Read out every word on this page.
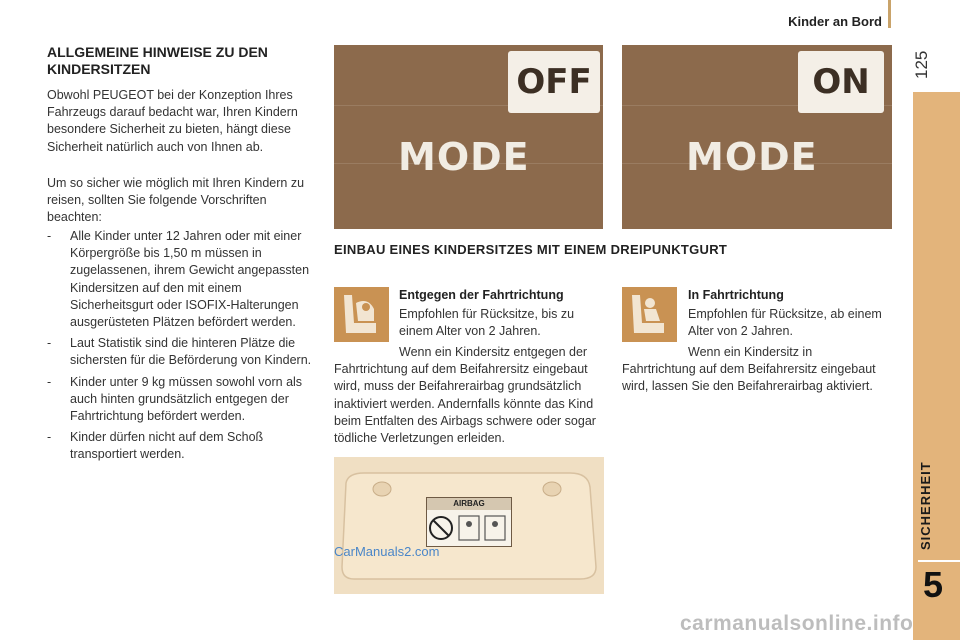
Kinder an Bord
125
SICHERHEIT
5
ALLGEMEINE HINWEISE ZU DEN KINDERSITZEN
Obwohl PEUGEOT bei der Konzeption Ihres Fahrzeugs darauf bedacht war, Ihren Kindern besondere Sicherheit zu bieten, hängt diese Sicherheit natürlich auch von Ihnen ab.
Um so sicher wie möglich mit Ihren Kindern zu reisen, sollten Sie folgende Vorschriften beachten:
- Alle Kinder unter 12 Jahren oder mit einer Körpergröße bis 1,50 m müssen in zugelassenen, ihrem Gewicht angepassten Kindersitzen auf den mit einem Sicherheitsgurt oder ISOFIX-Halterungen ausgerüsteten Plätzen befördert werden.
- Laut Statistik sind die hinteren Plätze die sichersten für die Beförderung von Kindern.
- Kinder unter 9 kg müssen sowohl vorn als auch hinten grundsätzlich entgegen der Fahrtrichtung befördert werden.
- Kinder dürfen nicht auf dem Schoß transportiert werden.
OFF
MODE
ON
MODE
EINBAU EINES KINDERSITZES MIT EINEM DREIPUNKTGURT
Entgegen der Fahrtrichtung
Empfohlen für Rücksitze, bis zu einem Alter von 2 Jahren.
Wenn ein Kindersitz entgegen der
Fahrtrichtung auf dem Beifahrersitz eingebaut wird, muss der Beifahrerairbag grundsätzlich inaktiviert werden. Andernfalls könnte das Kind beim Entfalten des Airbags schwere oder sogar tödliche Verletzungen erleiden.
In Fahrtrichtung
Empfohlen für Rücksitze, ab einem Alter von 2 Jahren.
Wenn ein Kindersitz in
Fahrtrichtung auf dem Beifahrersitz eingebaut wird, lassen Sie den Beifahrerairbag aktiviert.
AIRBAG
CarManuals2.com
carmanualsonline.info
